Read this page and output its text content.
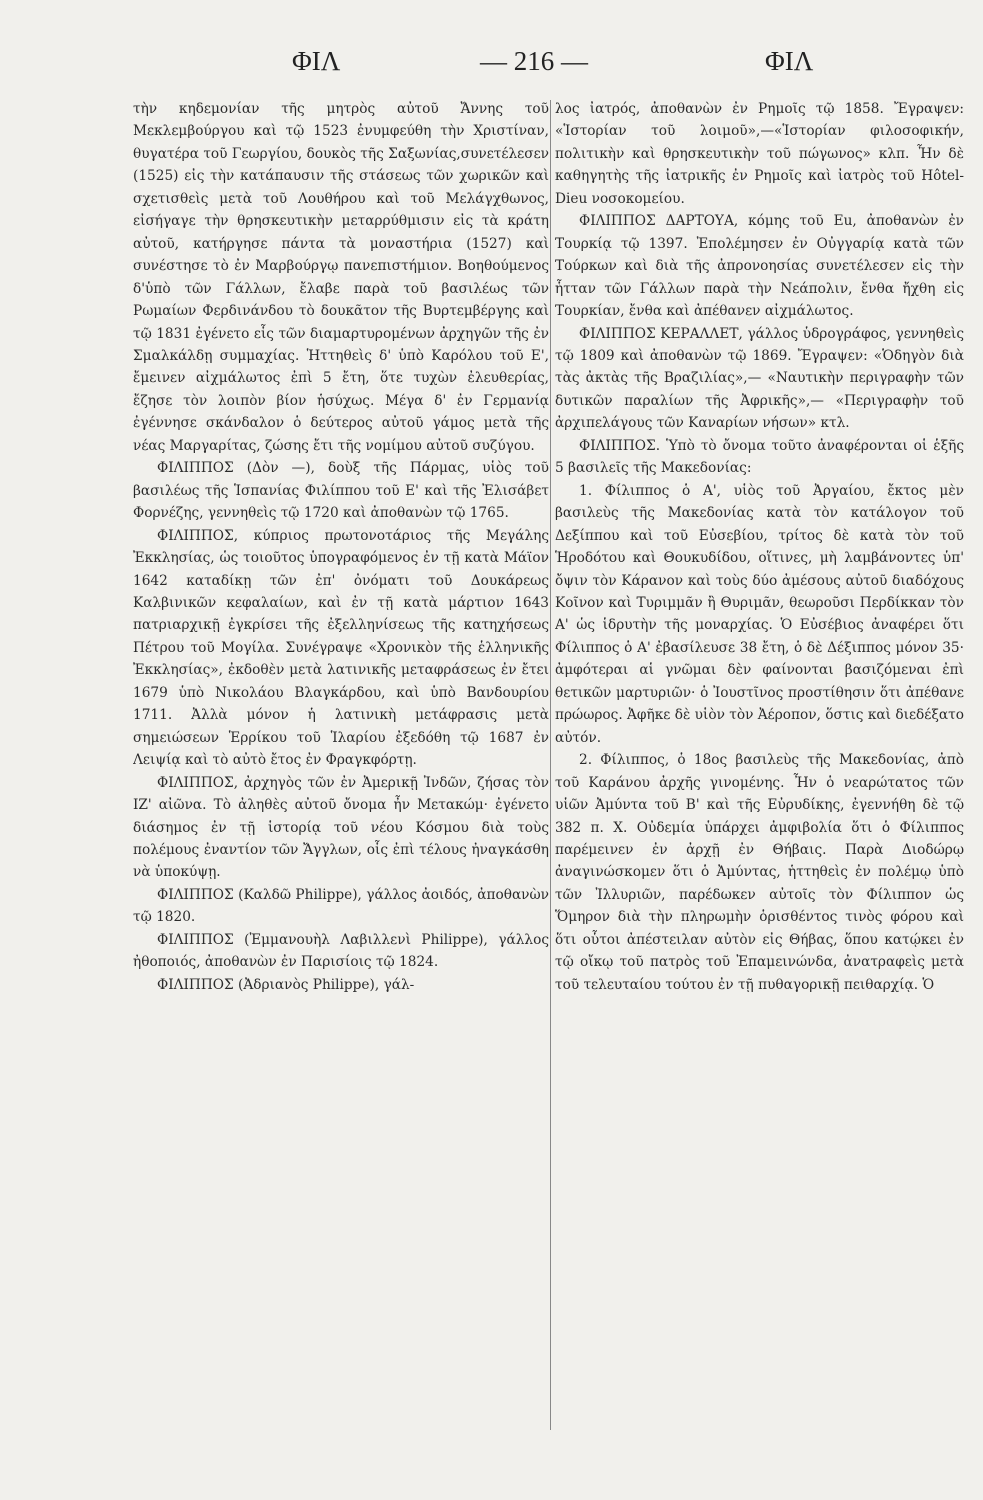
ΦΙΛ	— 216 —	ΦΙΛ

τὴν κηδεμονίαν τῆς μητρὸς αὐτοῦ Ἄννης τοῦ Μεκλεμβούργου καὶ τῷ 1523 ἐνυμφεύθη τὴν Χριστίναν, θυγατέρα τοῦ Γεωργίου, δουκὸς τῆς Σαξωνίας,συνετέλεσεν (1525) εἰς τὴν κατάπαυσιν τῆς στάσεως τῶν χωρικῶν καὶ σχετισθεὶς μετὰ τοῦ Λουθήρου καὶ τοῦ Μελάγχθωνος, εἰσήγαγε τὴν θρησκευτικὴν μεταρρύθμισιν εἰς τὰ κράτη αὐτοῦ, κατήργησε πάντα τὰ μοναστήρια (1527) καὶ συνέστησε τὸ ἐν Μαρβούργῳ πανεπιστήμιον. Βοηθούμενος δ'ὑπὸ τῶν Γάλλων, ἔλαβε παρὰ τοῦ βασιλέως τῶν Ρωμαίων Φερδινάνδου τὸ δουκᾶτον τῆς Βυρτεμβέργης καὶ τῷ 1831 ἐγένετο εἷς τῶν διαμαρτυρομένων ἀρχηγῶν τῆς ἐν Σμαλκάλδῃ συμμαχίας. Ἡττηθεὶς δ' ὑπὸ Καρόλου τοῦ Ε', ἔμεινεν αἰχμάλωτος ἐπὶ 5 ἔτη, ὅτε τυχὼν ἐλευθερίας, ἔζησε τὸν λοιπὸν βίον ἡσύχως. Μέγα δ' ἐν Γερμανίᾳ ἐγέννησε σκάνδαλον ὁ δεύτερος αὐτοῦ γάμος μετὰ τῆς νέας Μαργαρίτας, ζώσης ἔτι τῆς νομίμου αὐτοῦ συζύγου.

ΦΙΛΙΠΠΟΣ (Δὸν —), δοὺξ τῆς Πάρμας, υἱὸς τοῦ βασιλέως τῆς Ἱσπανίας Φιλίππου τοῦ Ε' καὶ τῆς Ἐλισάβετ Φορνέζης, γεννηθεὶς τῷ 1720 καὶ ἀποθανὼν τῷ 1765.

ΦΙΛΙΠΠΟΣ, κύπριος πρωτονοτάριος τῆς Μεγάλης Ἐκκλησίας, ὡς τοιοῦτος ὑπογραφόμενος ἐν τῇ κατὰ Μάϊον 1642 καταδίκῃ τῶν ἐπ' ὀνόματι τοῦ Δουκάρεως Καλβινικῶν κεφαλαίων, καὶ ἐν τῇ κατὰ μάρτιον 1643 πατριαρχικῇ ἐγκρίσει τῆς ἐξελληνίσεως τῆς κατηχήσεως Πέτρου τοῦ Μογίλα. Συνέγραψε «Χρονικὸν τῆς ἑλληνικῆς Ἐκκλησίας», ἐκδοθὲν μετὰ λατινικῆς μεταφράσεως ἐν ἔτει 1679 ὑπὸ Νικολάου Βλαγκάρδου, καὶ ὑπὸ Βανδουρίου 1711. Ἀλλὰ μόνον ἡ λατινικὴ μετάφρασις μετὰ σημειώσεων Ἑρρίκου τοῦ Ἱλαρίου ἐξεδόθη τῷ 1687 ἐν Λειψίᾳ καὶ τὸ αὐτὸ ἔτος ἐν Φραγκφόρτῃ.

ΦΙΛΙΠΠΟΣ, ἀρχηγὸς τῶν ἐν Ἀμερικῇ Ἰνδῶν, ζήσας τὸν ΙΖ' αἰῶνα. Τὸ ἀληθὲς αὐτοῦ ὄνομα ἦν Μετακώμ· ἐγένετο διάσημος ἐν τῇ ἱστορίᾳ τοῦ νέου Κόσμου διὰ τοὺς πολέμους ἐναντίον τῶν Ἄγγλων, οἷς ἐπὶ τέλους ἠναγκάσθη νὰ ὑποκύψῃ.

ΦΙΛΙΠΠΟΣ (Καλδῶ Philippe), γάλλος ἀοιδός, ἀποθανὼν τῷ 1820.

ΦΙΛΙΠΠΟΣ (Ἐμμανουὴλ Λαβιλλενὶ Philippe), γάλλος ἠθοποιός, ἀποθανὼν ἐν Παρισίοις τῷ 1824.

ΦΙΛΙΠΠΟΣ (Ἀδριανὸς Philippe), γάλ-

λος ἰατρός, ἀποθανὼν ἐν Ρημοῖς τῷ 1858. Ἔγραψεν: «Ἱστορίαν τοῦ λοιμοῦ»,—«Ἱστορίαν φιλοσοφικήν, πολιτικὴν καὶ θρησκευτικὴν τοῦ πώγωνος» κλπ. Ἦν δὲ καθηγητὴς τῆς ἰατρικῆς ἐν Ρημοῖς καὶ ἰατρὸς τοῦ Hôtel-Dieu νοσοκομείου.

ΦΙΛΙΠΠΟΣ ΔΑΡΤΟΥΑ, κόμης τοῦ Eu, ἀποθανὼν ἐν Τουρκίᾳ τῷ 1397. Ἐπολέμησεν ἐν Οὐγγαρίᾳ κατὰ τῶν Τούρκων καὶ διὰ τῆς ἀπρονοησίας συνετέλεσεν εἰς τὴν ἧτταν τῶν Γάλλων παρὰ τὴν Νεάπολιν, ἔνθα ἤχθη εἰς Τουρκίαν, ἔνθα καὶ ἀπέθανεν αἰχμάλωτος.

ΦΙΛΙΠΠΟΣ ΚΕΡΑΛΛΕΤ, γάλλος ὑδρογράφος, γεννηθεὶς τῷ 1809 καὶ ἀποθανὼν τῷ 1869. Ἔγραψεν: «Ὁδηγὸν διὰ τὰς ἀκτὰς τῆς Βραζιλίας»,— «Ναυτικὴν περιγραφὴν τῶν δυτικῶν παραλίων τῆς Ἀφρικῆς»,— «Περιγραφὴν τοῦ ἀρχιπελάγους τῶν Καναρίων νήσων» κτλ.

ΦΙΛΙΠΠΟΣ. Ὑπὸ τὸ ὄνομα τοῦτο ἀναφέρονται οἱ ἑξῆς 5 βασιλεῖς τῆς Μακεδονίας:

1. Φίλιππος ὁ Α', υἱὸς τοῦ Ἀργαίου, ἔκτος μὲν βασιλεὺς τῆς Μακεδονίας κατὰ τὸν κατάλογον τοῦ Δεξίππου καὶ τοῦ Εὐσεβίου, τρίτος δὲ κατὰ τὸν τοῦ Ἡροδότου καὶ Θουκυδίδου, οἵτινες, μὴ λαμβάνοντες ὑπ' ὄψιν τὸν Κάρανον καὶ τοὺς δύο ἀμέσους αὐτοῦ διαδόχους Κοῖνον καὶ Τυριμμᾶν ἢ Θυριμᾶν, θεωροῦσι Περδίκκαν τὸν Α' ὡς ἱδρυτὴν τῆς μοναρχίας. Ὁ Εὐσέβιος ἀναφέρει ὅτι Φίλιππος ὁ Α' ἐβασίλευσε 38 ἔτη, ὁ δὲ Δέξιππος μόνον 35· ἀμφότεραι αἱ γνῶμαι δὲν φαίνονται βασιζόμεναι ἐπὶ θετικῶν μαρτυριῶν· ὁ Ἰουστῖνος προστίθησιν ὅτι ἀπέθανε πρώωρος. Ἀφῆκε δὲ υἱὸν τὸν Ἀέροπον, ὅστις καὶ διεδέξατο αὐτόν.

2. Φίλιππος, ὁ 18ος βασιλεὺς τῆς Μακεδονίας, ἀπὸ τοῦ Καράνου ἀρχῆς γινομένης. Ἦν ὁ νεαρώτατος τῶν υἱῶν Ἀμύντα τοῦ Β' καὶ τῆς Εὐρυδίκης, ἐγεννήθη δὲ τῷ 382 π. Χ. Οὐδεμία ὑπάρχει ἀμφιβολία ὅτι ὁ Φίλιππος παρέμεινεν ἐν ἀρχῇ ἐν Θήβαις. Παρὰ Διοδώρῳ ἀναγινώσκομεν ὅτι ὁ Ἀμύντας, ἡττηθεὶς ἐν πολέμῳ ὑπὸ τῶν Ἰλλυριῶν, παρέδωκεν αὐτοῖς τὸν Φίλιππον ὡς Ὅμηρον διὰ τὴν πληρωμὴν ὁρισθέντος τινὸς φόρου καὶ ὅτι οὗτοι ἀπέστειλαν αὐτὸν εἰς Θήβας, ὅπου κατῴκει ἐν τῷ οἴκῳ τοῦ πατρὸς τοῦ Ἐπαμεινώνδα, ἀνατραφεὶς μετὰ τοῦ τελευταίου τούτου ἐν τῇ πυθαγορικῇ πειθαρχίᾳ. Ὁ
